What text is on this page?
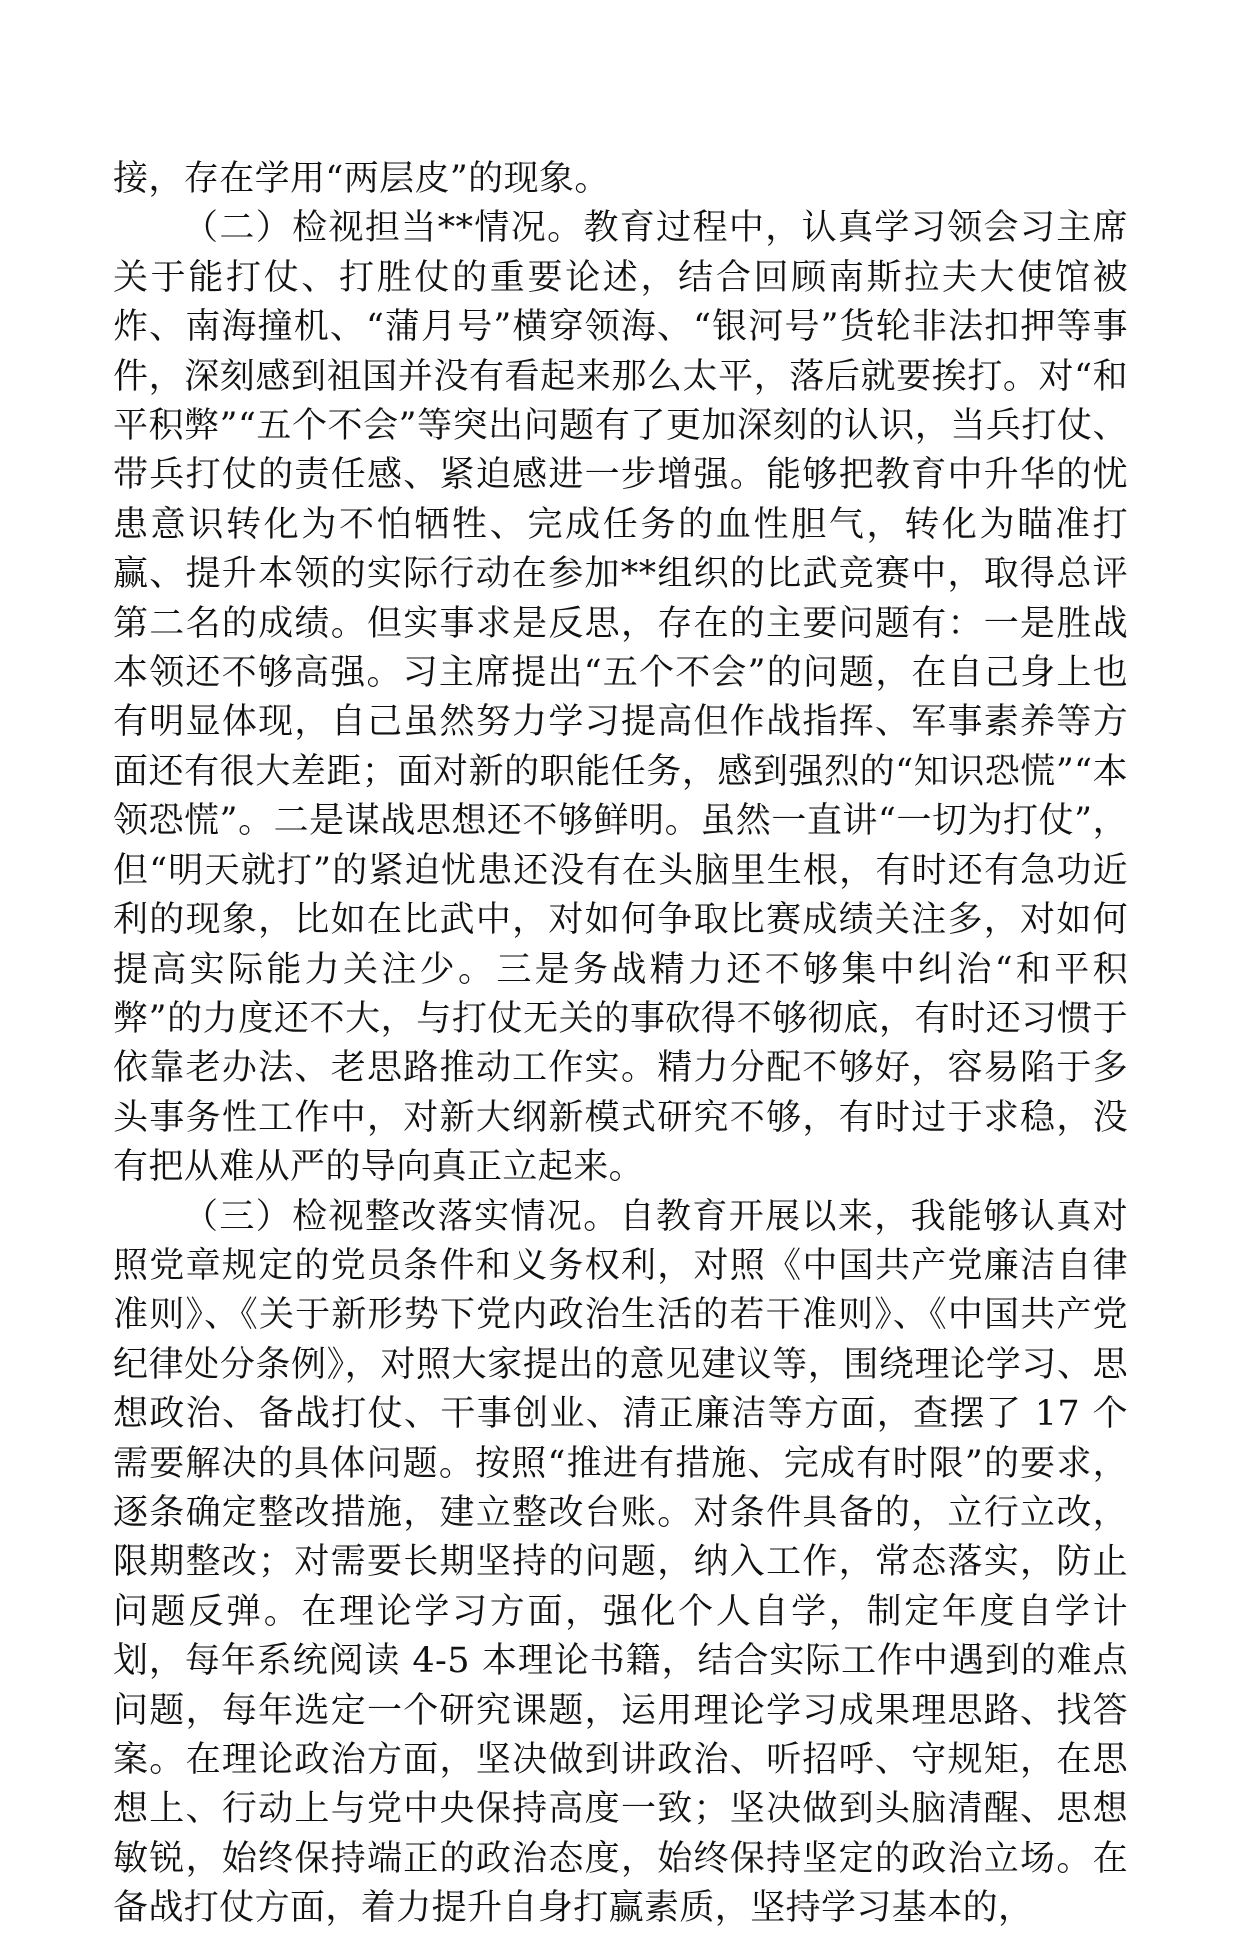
接，存在学用“两层皮”的现象。

（二）检视担当**情况。教育过程中，认真学习领会习主席关于能打仗、打胜仗的重要论述，结合回顾南斯拉夫大使馆被炸、南海撞机、“蒲月号”横穿领海、“银河号”货轮非法扣押等事件，深刻感到祖国并没有看起来那么太平，落后就要挨打。对“和平积弊”“五个不会”等突出问题有了更加深刻的认识，当兵打仗、带兵打仗的责任感、紧迫感进一步增强。能够把教育中升华的忧患意识转化为不怕牺牲、完成任务的血性胆气，转化为瞄准打赢、提升本领的实际行动在参加**组织的比武竞赛中，取得总评第二名的成绩。但实事求是反思，存在的主要问题有：一是胜战本领还不够高强。习主席提出“五个不会”的问题，在自己身上也有明显体现，自己虽然努力学习提高但作战指挥、军事素养等方面还有很大差距；面对新的职能任务，感到强烈的“知识恐慌”“本领恐慌”。二是谋战思想还不够鲜明。虽然一直讲“一切为打仗”，但“明天就打”的紧迫忧患还没有在头脑里生根，有时还有急功近利的现象，比如在比武中，对如何争取比赛成绩关注多，对如何提高实际能力关注少。三是务战精力还不够集中纠治“和平积弊”的力度还不大，与打仗无关的事砍得不够彻底，有时还习惯于依靠老办法、老思路推动工作实。精力分配不够好，容易陷于多头事务性工作中，对新大纲新模式研究不够，有时过于求稳，没有把从难从严的导向真正立起来。

（三）检视整改落实情况。自教育开展以来，我能够认真对照党章规定的党员条件和义务权利，对照《中国共产党廉洁自律准则》、《关于新形势下党内政治生活的若干准则》、《中国共产党纪律处分条例》，对照大家提出的意见建议等，围绕理论学习、思想政治、备战打仗、干事创业、清正廉洁等方面，查摆了 17 个需要解决的具体问题。按照“推进有措施、完成有时限”的要求，逐条确定整改措施，建立整改台账。对条件具备的，立行立改，限期整改；对需要长期坚持的问题，纳入工作，常态落实，防止问题反弹。在理论学习方面，强化个人自学，制定年度自学计划，每年系统阅读 4-5 本理论书籍，结合实际工作中遇到的难点问题，每年选定一个研究课题，运用理论学习成果理思路、找答案。在理论政治方面，坚决做到讲政治、听招呼、守规矩，在思想上、行动上与党中央保持高度一致；坚决做到头脑清醒、思想敏锐，始终保持端正的政治态度，始终保持坚定的政治立场。在备战打仗方面，着力提升自身打赢素质，坚持学习基本的，
